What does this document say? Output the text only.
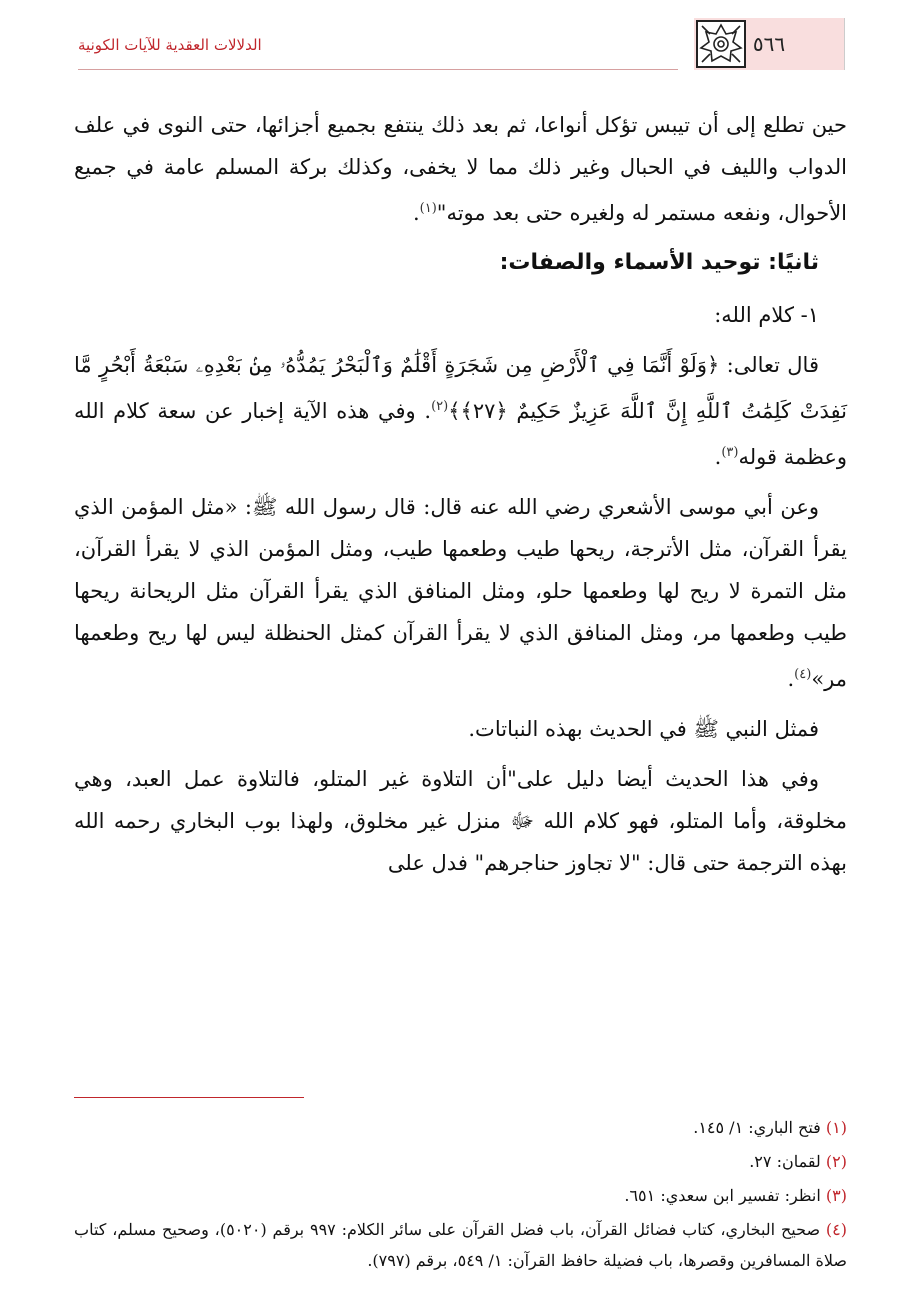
٥٦٦
الدلالات العقدية للآيات الكونية

حين تطلع إلى أن تيبس تؤكل أنواعا، ثم بعد ذلك ينتفع بجميع أجزائها، حتى النوى في علف الدواب والليف في الحبال وغير ذلك مما لا يخفى، وكذلك بركة المسلم عامة في جميع الأحوال، ونفعه مستمر له ولغيره حتى بعد موته"$^{(١)}$.

ثانيًا: توحيد الأسماء والصفات:

١- كلام الله:

قال تعالى: ﴿وَلَوْ أَنَّمَا فِي ٱلْأَرْضِ مِن شَجَرَةٍ أَقْلَٰمٌ وَٱلْبَحْرُ يَمُدُّهُۥ مِنۢ بَعْدِهِۦ سَبْعَةُ أَبْحُرٍ مَّا نَفِدَتْ كَلِمَٰتُ ٱللَّهِ إِنَّ ٱللَّهَ عَزِيزٌ حَكِيمٌ ﴿٢٧﴾﴾$^{(٢)}$. وفي هذه الآية إخبار عن سعة كلام الله وعظمة قوله$^{(٣)}$.

وعن أبي موسى الأشعري رضي الله عنه قال: قال رسول الله ﷺ: «مثل المؤمن الذي يقرأ القرآن، مثل الأترجة، ريحها طيب وطعمها طيب، ومثل المؤمن الذي لا يقرأ القرآن، مثل التمرة لا ريح لها وطعمها حلو، ومثل المنافق الذي يقرأ القرآن مثل الريحانة ريحها طيب وطعمها مر، ومثل المنافق الذي لا يقرأ القرآن كمثل الحنظلة ليس لها ريح وطعمها مر»$^{(٤)}$.

فمثل النبي ﷺ في الحديث بهذه النباتات.

وفي هذا الحديث أيضا دليل على"أن التلاوة غير المتلو، فالتلاوة عمل العبد، وهي مخلوقة، وأما المتلو، فهو كلام الله ﷻ منزل غير مخلوق، ولهذا بوب البخاري رحمه الله بهذه الترجمة حتى قال: "لا تجاوز حناجرهم" فدل على

(١) فتح الباري: ١/ ١٤٥.
(٢) لقمان: ٢٧.
(٣) انظر: تفسير ابن سعدي: ٦٥١.
(٤) صحيح البخاري، كتاب فضائل القرآن، باب فضل القرآن على سائر الكلام: ٩٩٧ برقم (٥٠٢٠)، وصحيح مسلم، كتاب صلاة المسافرين وقصرها، باب فضيلة حافظ القرآن: ١/ ٥٤٩، برقم (٧٩٧).
